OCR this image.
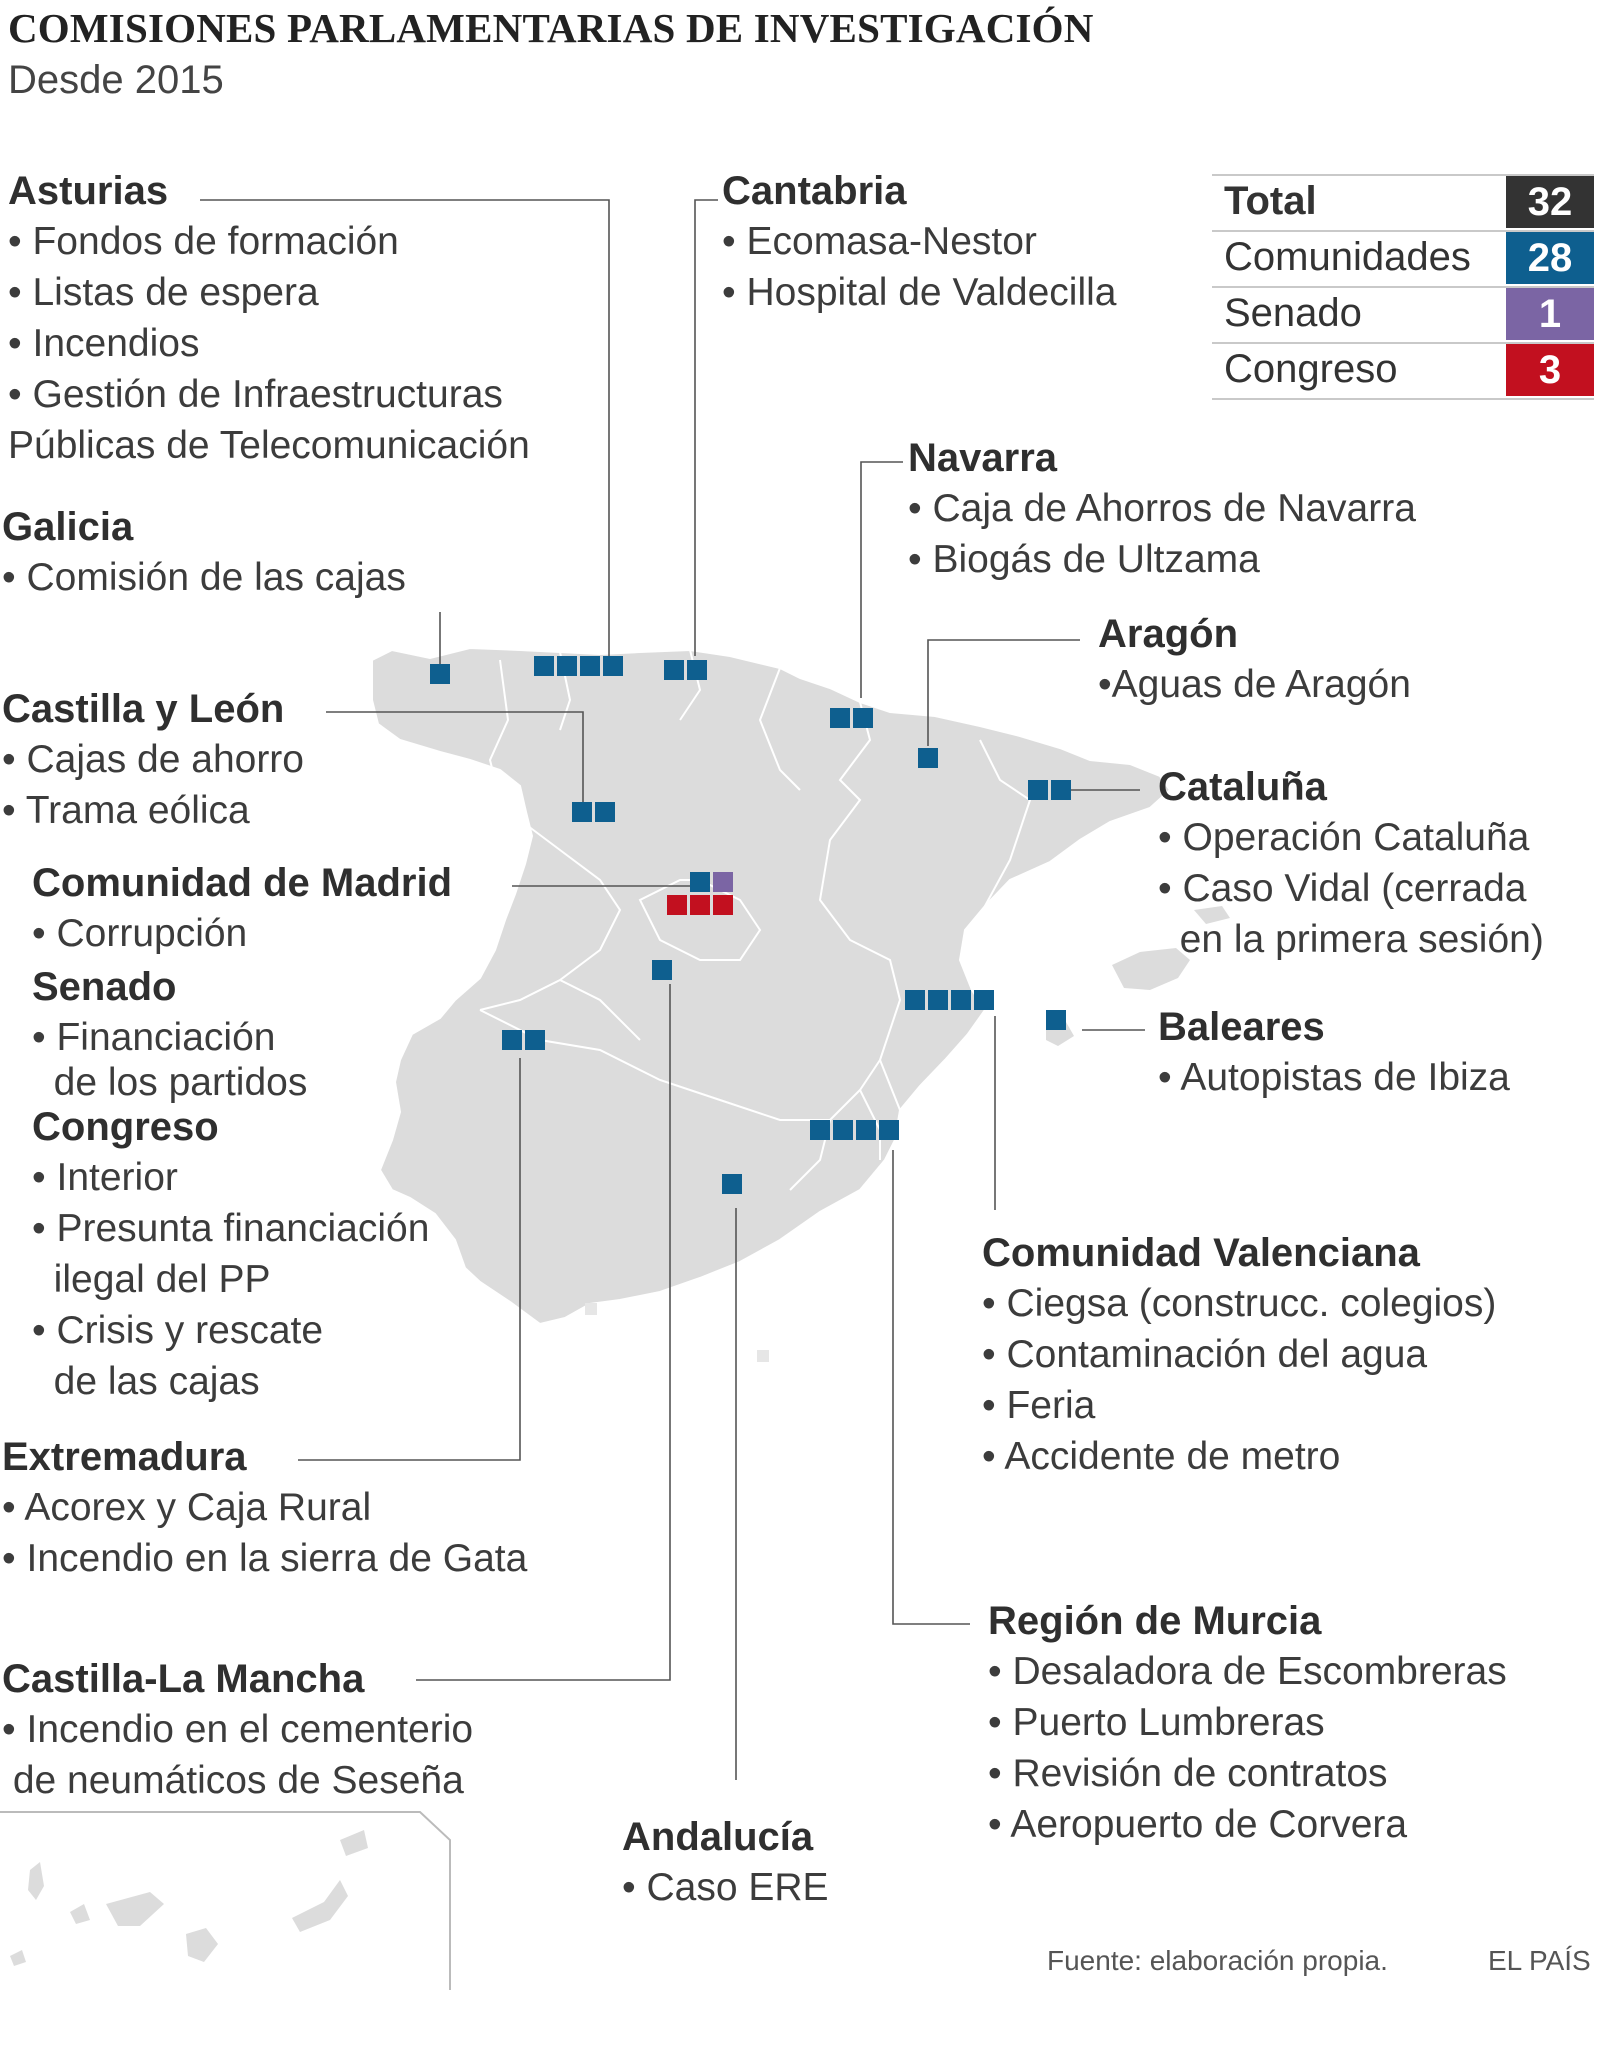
COMISIONES PARLAMENTARIAS DE INVESTIGACIÓN
Desde 2015
Total	32
Comunidades	28
Senado	1
Congreso	3
Asturias
• Fondos de formación
• Listas de espera
• Incendios
• Gestión de Infraestructuras
Públicas de Telecomunicación
Cantabria
• Ecomasa-Nestor
• Hospital de Valdecilla
Navarra
• Caja de Ahorros de Navarra
• Biogás de Ultzama
Galicia
• Comisión de las cajas
Aragón
•Aguas de Aragón
Castilla y León
• Cajas de ahorro
• Trama eólica
Cataluña
• Operación Cataluña
• Caso Vidal (cerrada
en la primera sesión)
Comunidad de Madrid
• Corrupción
Senado
• Financiación
de los partidos
Congreso
• Interior
• Presunta financiación
ilegal del PP
• Crisis y rescate
de las cajas
Baleares
• Autopistas de Ibiza
Comunidad Valenciana
• Ciegsa (construcc. colegios)
• Contaminación del agua
• Feria
• Accidente de metro
Extremadura
• Acorex y Caja Rural
• Incendio en la sierra de Gata
Región de Murcia
• Desaladora de Escombreras
• Puerto Lumbreras
• Revisión de contratos
• Aeropuerto de Corvera
Castilla-La Mancha
• Incendio en el cementerio
de neumáticos de Seseña
Andalucía
• Caso ERE
Fuente: elaboración propia.	EL PAÍS
